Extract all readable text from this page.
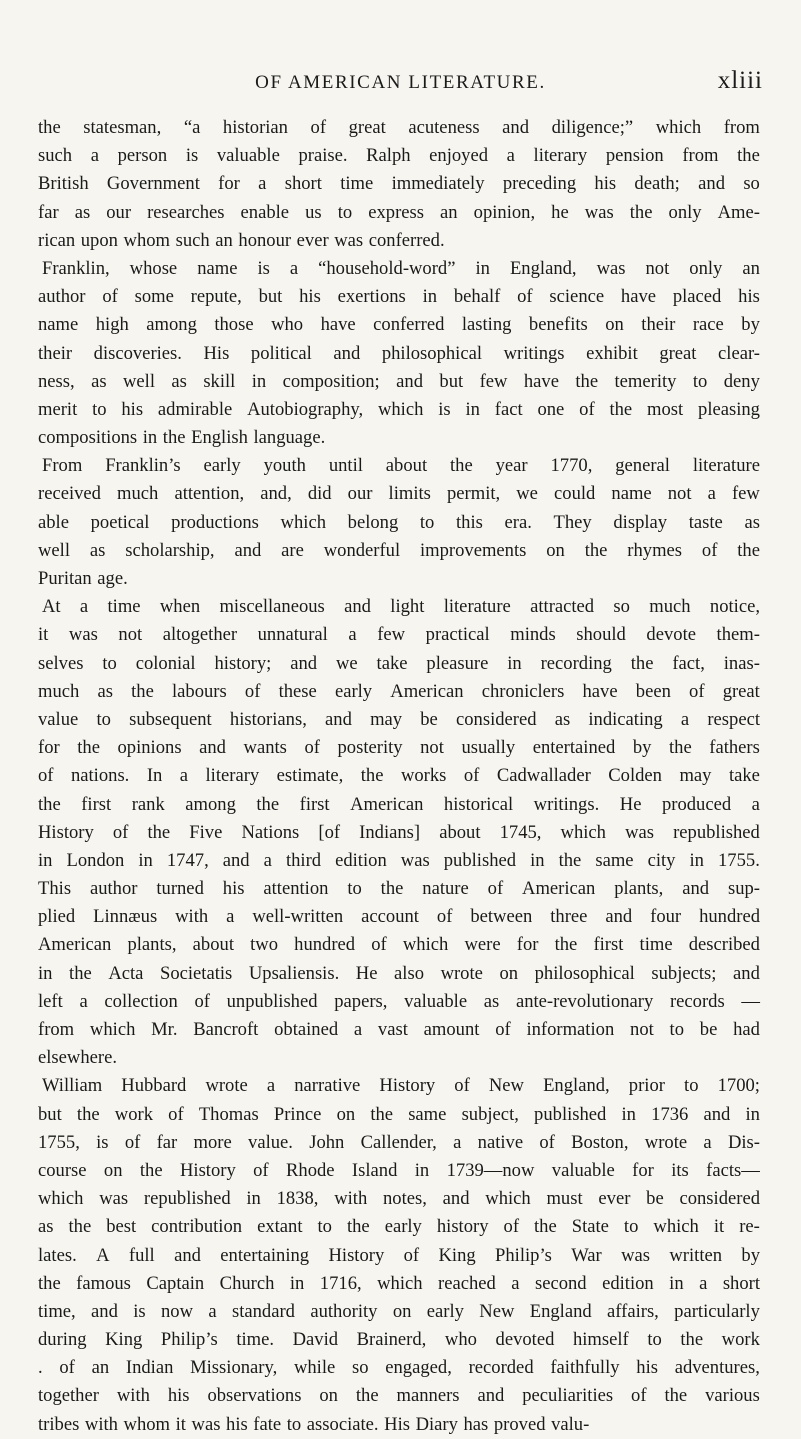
OF AMERICAN LITERATURE.	xliii
the statesman, “a historian of great acuteness and diligence;” which from
such a person is valuable praise. Ralph enjoyed a literary pension from the
British Government for a short time immediately preceding his death; and so
far as our researches enable us to express an opinion, he was the only Ame-
rican upon whom such an honour ever was conferred.
Franklin, whose name is a “household-word” in England, was not only an
author of some repute, but his exertions in behalf of science have placed his
name high among those who have conferred lasting benefits on their race by
their discoveries. His political and philosophical writings exhibit great clear-
ness, as well as skill in composition; and but few have the temerity to deny
merit to his admirable Autobiography, which is in fact one of the most pleasing
compositions in the English language.
From Franklin’s early youth until about the year 1770, general literature
received much attention, and, did our limits permit, we could name not a few
able poetical productions which belong to this era. They display taste as
well as scholarship, and are wonderful improvements on the rhymes of the
Puritan age.
At a time when miscellaneous and light literature attracted so much notice,
it was not altogether unnatural a few practical minds should devote them-
selves to colonial history; and we take pleasure in recording the fact, inas-
much as the labours of these early American chroniclers have been of great
value to subsequent historians, and may be considered as indicating a respect
for the opinions and wants of posterity not usually entertained by the fathers
of nations. In a literary estimate, the works of Cadwallader Colden may take
the first rank among the first American historical writings. He produced a
History of the Five Nations [of Indians] about 1745, which was republished
in London in 1747, and a third edition was published in the same city in 1755.
This author turned his attention to the nature of American plants, and sup-
plied Linnæus with a well-written account of between three and four hundred
American plants, about two hundred of which were for the first time described
in the Acta Societatis Upsaliensis. He also wrote on philosophical subjects; and
left a collection of unpublished papers, valuable as ante-revolutionary records —
from which Mr. Bancroft obtained a vast amount of information not to be had
elsewhere.
William Hubbard wrote a narrative History of New England, prior to 1700;
but the work of Thomas Prince on the same subject, published in 1736 and in
1755, is of far more value. John Callender, a native of Boston, wrote a Dis-
course on the History of Rhode Island in 1739—now valuable for its facts—
which was republished in 1838, with notes, and which must ever be considered
as the best contribution extant to the early history of the State to which it re-
lates. A full and entertaining History of King Philip’s War was written by
the famous Captain Church in 1716, which reached a second edition in a short
time, and is now a standard authority on early New England affairs, particularly
during King Philip’s time. David Brainerd, who devoted himself to the work
. of an Indian Missionary, while so engaged, recorded faithfully his adventures,
together with his observations on the manners and peculiarities of the various
tribes with whom it was his fate to associate. His Diary has proved valu-
